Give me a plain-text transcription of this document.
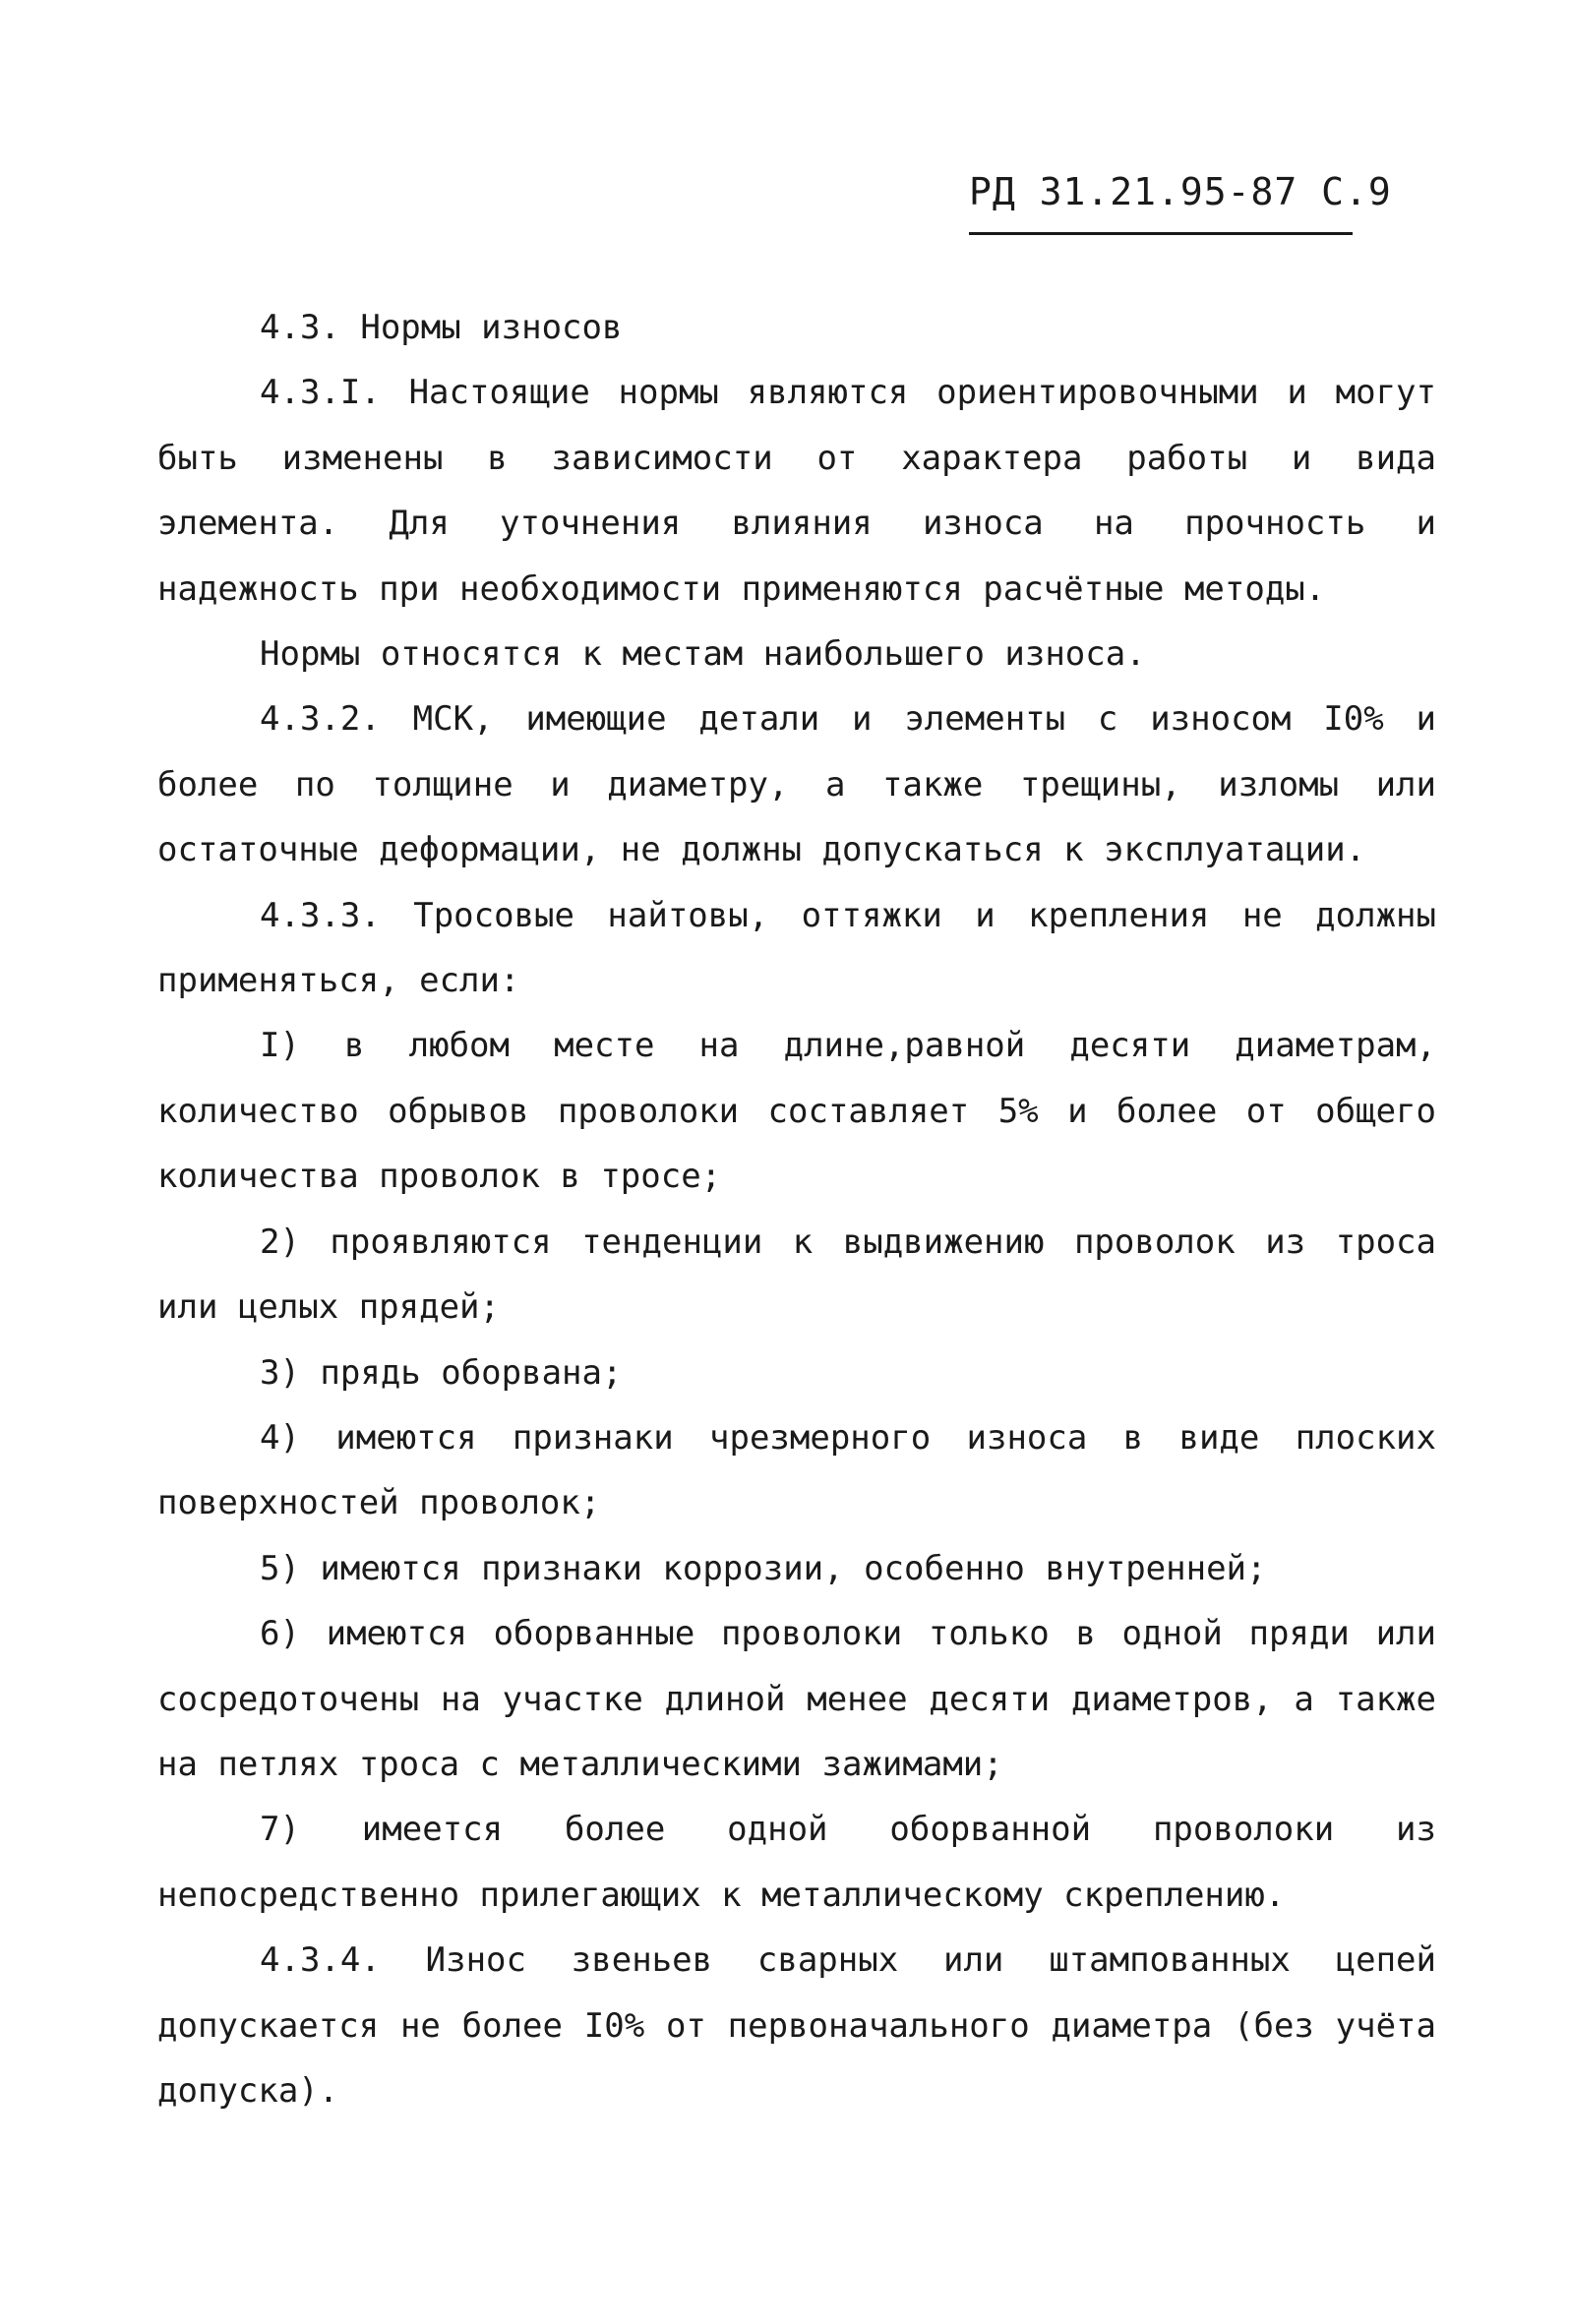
РД 31.21.95-87 С.9

4.3. Нормы износов

4.3.I. Настоящие нормы являются ориентировочными и могут быть изменены в зависимости от характера работы и вида элемента. Для уточнения влияния износа на прочность и надежность при необходимости применяются расчётные методы.

Нормы относятся к местам наибольшего износа.

4.3.2. МСК, имеющие детали и элементы с износом I0% и более по толщине и диаметру, а также трещины, изломы или остаточные деформации, не должны допускаться к эксплуатации.

4.3.3. Тросовые найтовы, оттяжки и крепления не должны применяться, если:

I) в любом месте на длине,равной десяти диаметрам, количество обрывов проволоки составляет 5% и более от общего количества проволок в тросе;

2) проявляются тенденции к выдвижению проволок из троса или целых прядей;

3) прядь оборвана;

4) имеются признаки чрезмерного износа в виде плоских поверхностей проволок;

5) имеются признаки коррозии, особенно внутренней;

6) имеются оборванные проволоки только в одной пряди или сосредоточены на участке длиной менее десяти диаметров, а также на петлях троса с металлическими зажимами;

7) имеется более одной оборванной проволоки из непосредственно прилегающих к металлическому скреплению.

4.3.4. Износ звеньев сварных или штампованных цепей допускается не более I0% от первоначального диаметра (без учёта допуска).
